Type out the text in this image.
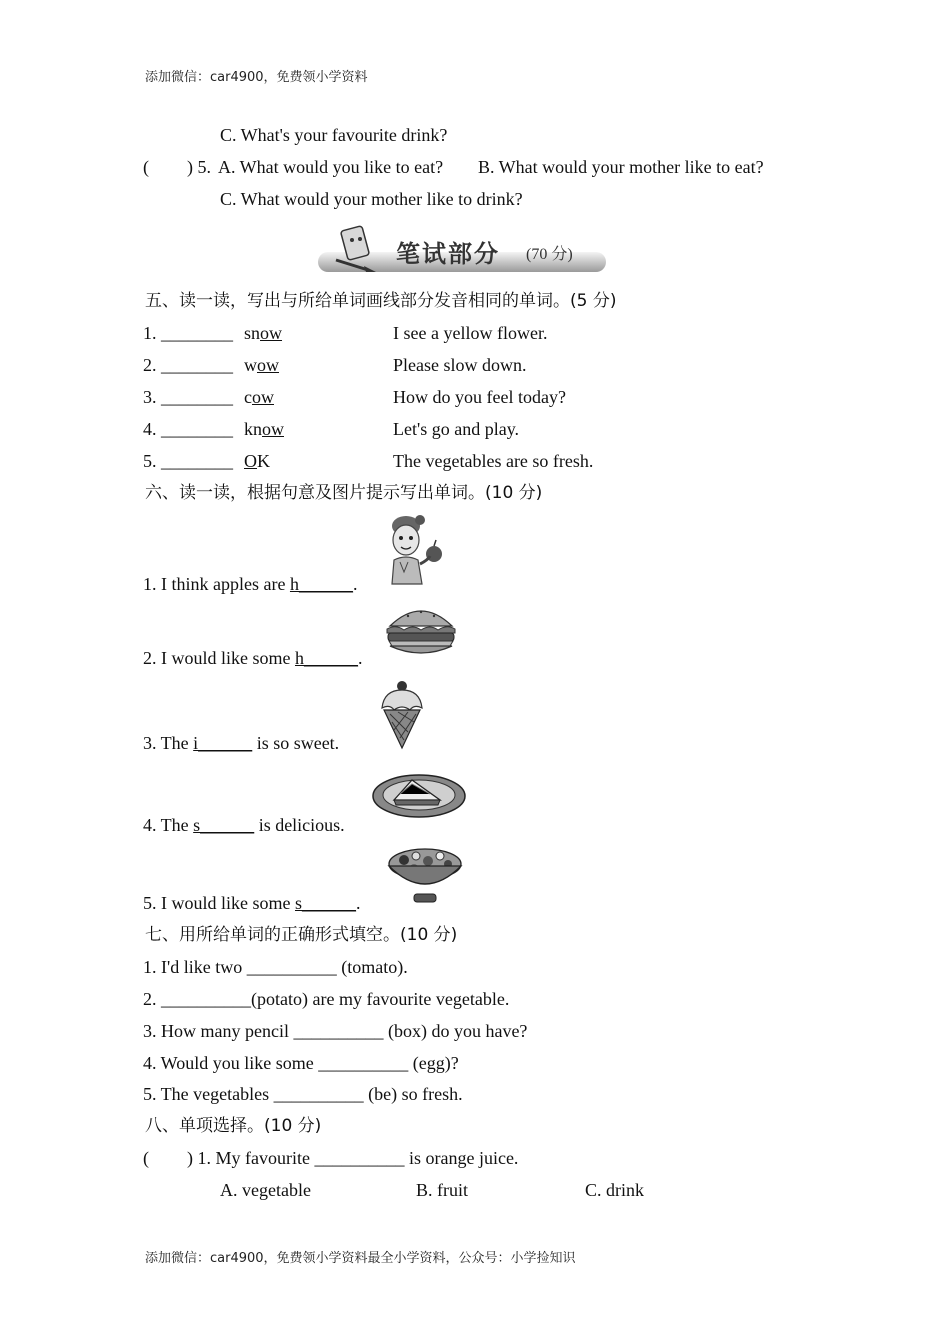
添加微信：car4900，免费领小学资料
C. What's your favourite drink?
( ) 5. A. What would you like to eat? B. What would your mother like to eat?
C. What would your mother like to drink?
笔试部分 (70 分)
五、读一读，写出与所给单词画线部分发音相同的单词。(5 分)
1. ________ snow	I see a yellow flower.
2. ________ wow	Please slow down.
3. ________ cow	How do you feel today?
4. ________ know	Let's go and play.
5. ________ OK	The vegetables are so fresh.
六、读一读，根据句意及图片提示写出单词。(10 分)
1. I think apples are h______.
2. I would like some h______.
3. The i______ is so sweet.
4. The s______ is delicious.
5. I would like some s______.
七、用所给单词的正确形式填空。(10 分)
1. I'd like two __________ (tomato).
2. __________(potato) are my favourite vegetable.
3. How many pencil __________ (box) do you have?
4. Would you like some __________ (egg)?
5. The vegetables __________ (be) so fresh.
八、单项选择。(10 分)
( ) 1. My favourite __________ is orange juice.
A. vegetable	B. fruit	C. drink
添加微信：car4900，免费领小学资料最全小学资料，公众号：小学捡知识
